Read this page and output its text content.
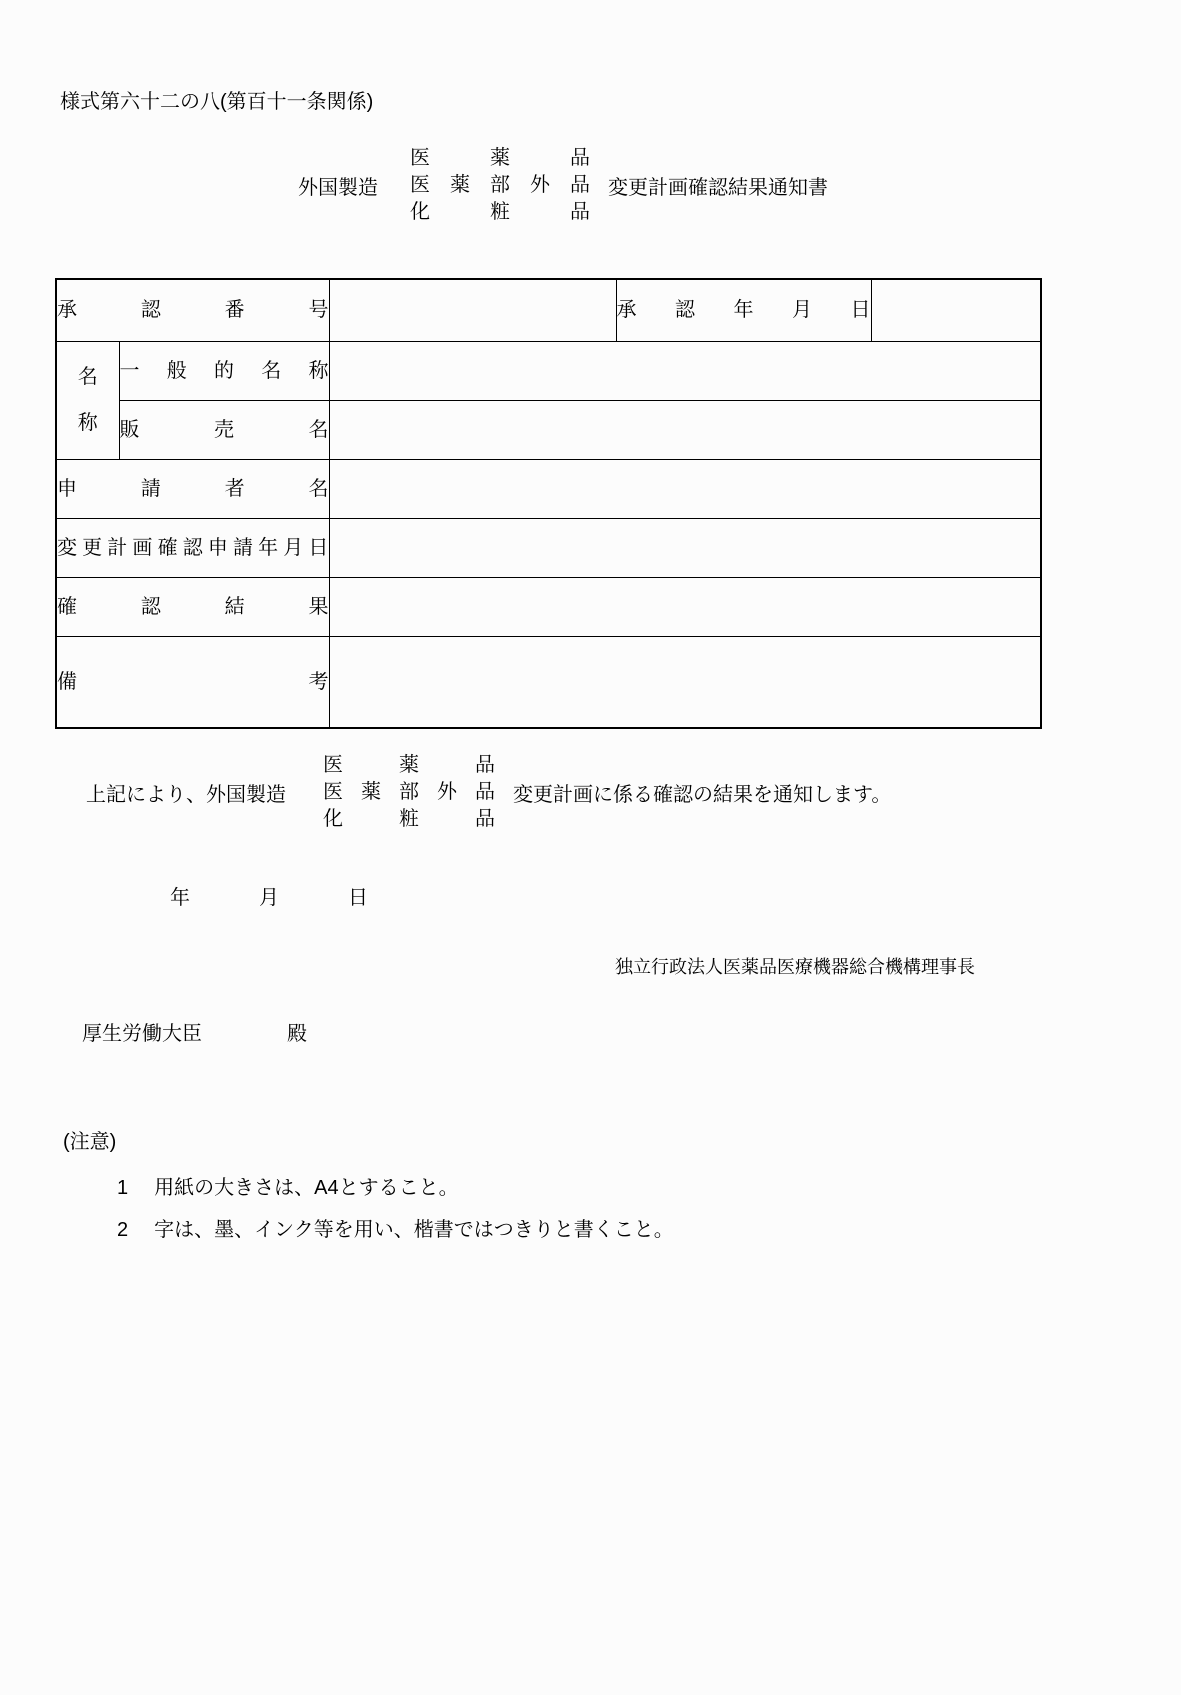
様式第六十二の八(第百十一条関係)
外国製造
医
　	薬
　	品
医	薬	部	外	品
化
　	粧
　	品
変更計画確認結果通知書
承 認 番 号			承 認 年 月 日	

名
称	一 般 的 名 称			

	販 売 名			

申 請 者 名				

変 更 計 画 確 認 申 請 年 月 日

確 認 結 果				

備 考				

上記により、外国製造
医
　	薬
　	品
医 薬 部 外 品
化
　	粧
　	品
変更計画に係る確認の結果を通知します。
年	月	日
独立行政法人医薬品医療機器総合機構理事長
厚生労働大臣	殿
(注意)
1 用紙の大きさは、A4とすること。
2 字は、墨、インク等を用い、楷書ではつきりと書くこと。
